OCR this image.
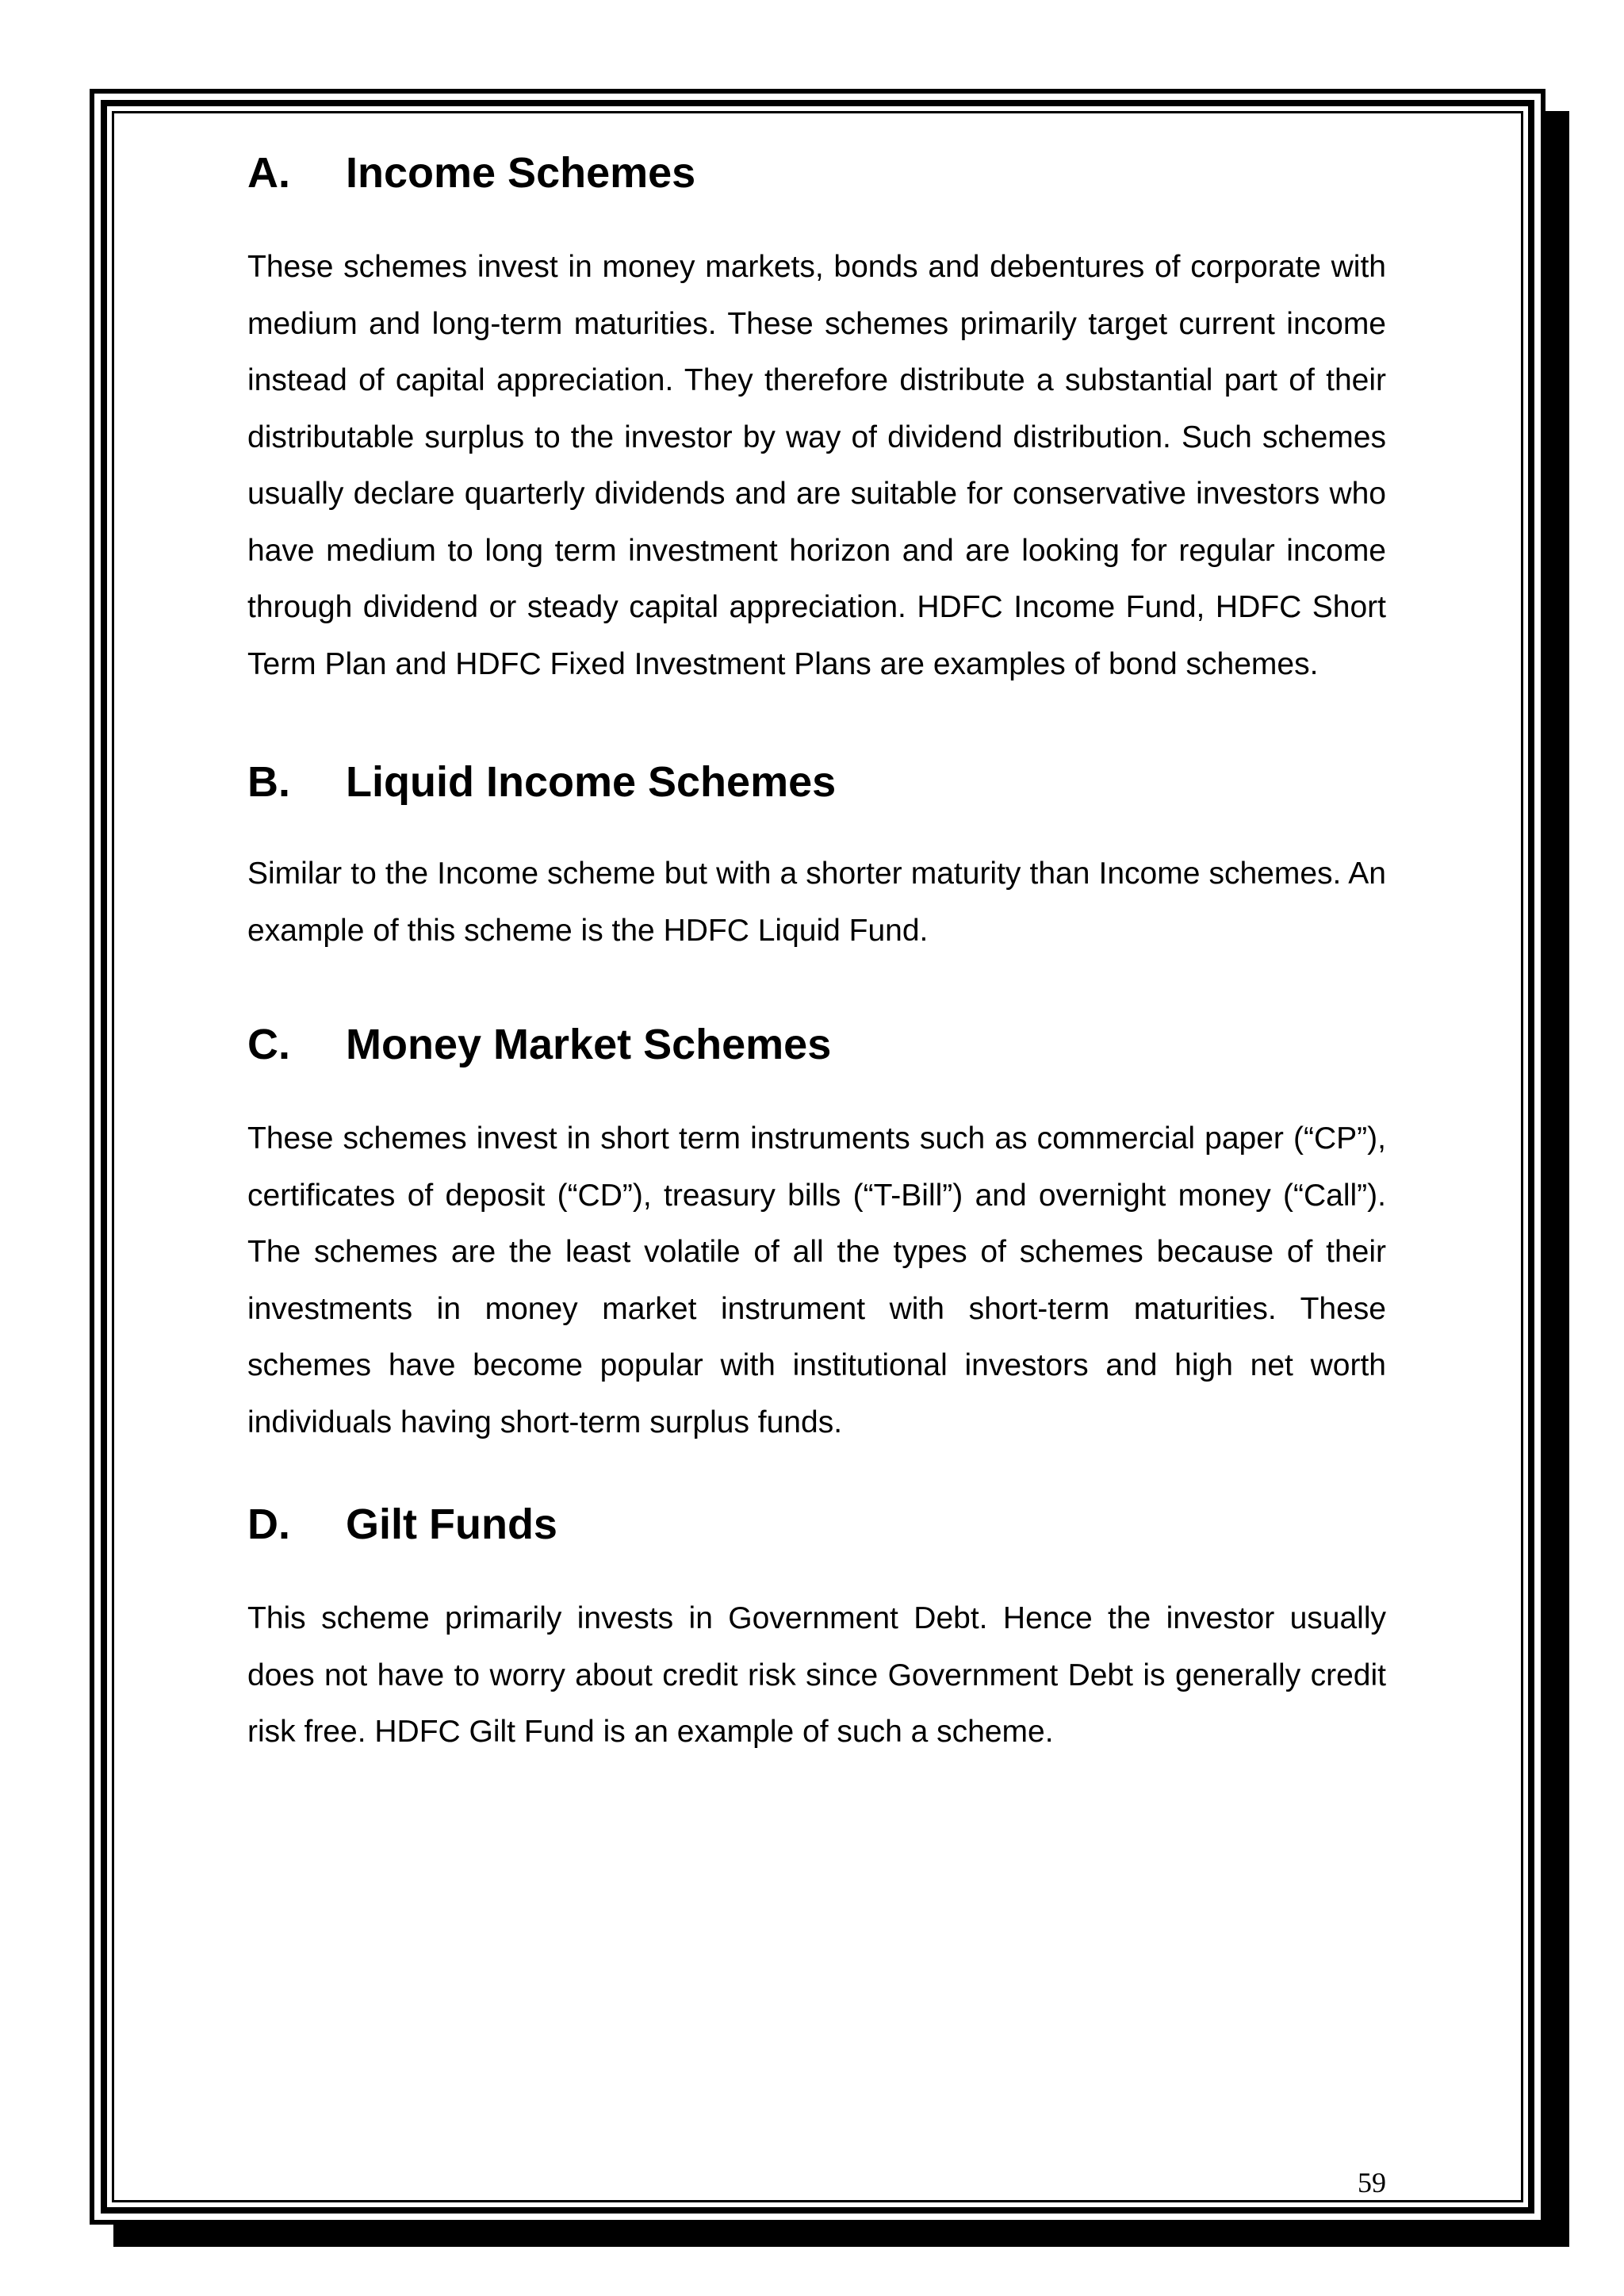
A.	Income Schemes

These schemes invest in money markets, bonds and debentures of corporate with medium and long-term maturities. These schemes primarily target current income instead of capital appreciation. They therefore distribute a substantial part of their distributable surplus to the investor by way of dividend distribution. Such schemes usually declare quarterly dividends and are suitable for conservative investors who have medium to long term investment horizon and are looking for regular income through dividend or steady capital appreciation. HDFC Income Fund, HDFC Short Term Plan and HDFC Fixed Investment Plans are examples of bond schemes.

B.	Liquid Income Schemes

Similar to the Income scheme but with a shorter maturity than Income schemes. An example of this scheme is the HDFC Liquid Fund.

C.	Money Market Schemes

These schemes invest in short term instruments such as commercial paper (“CP”), certificates of deposit (“CD”), treasury bills (“T-Bill”) and overnight money (“Call”). The schemes are the least volatile of all the types of schemes because of their investments in money market instrument with short-term maturities. These schemes have become popular with institutional investors and high net worth individuals having short-term surplus funds.

D.	Gilt Funds

This scheme primarily invests in Government Debt. Hence the investor usually does not have to worry about credit risk since Government Debt is generally credit risk free. HDFC Gilt Fund is an example of such a scheme.

59
